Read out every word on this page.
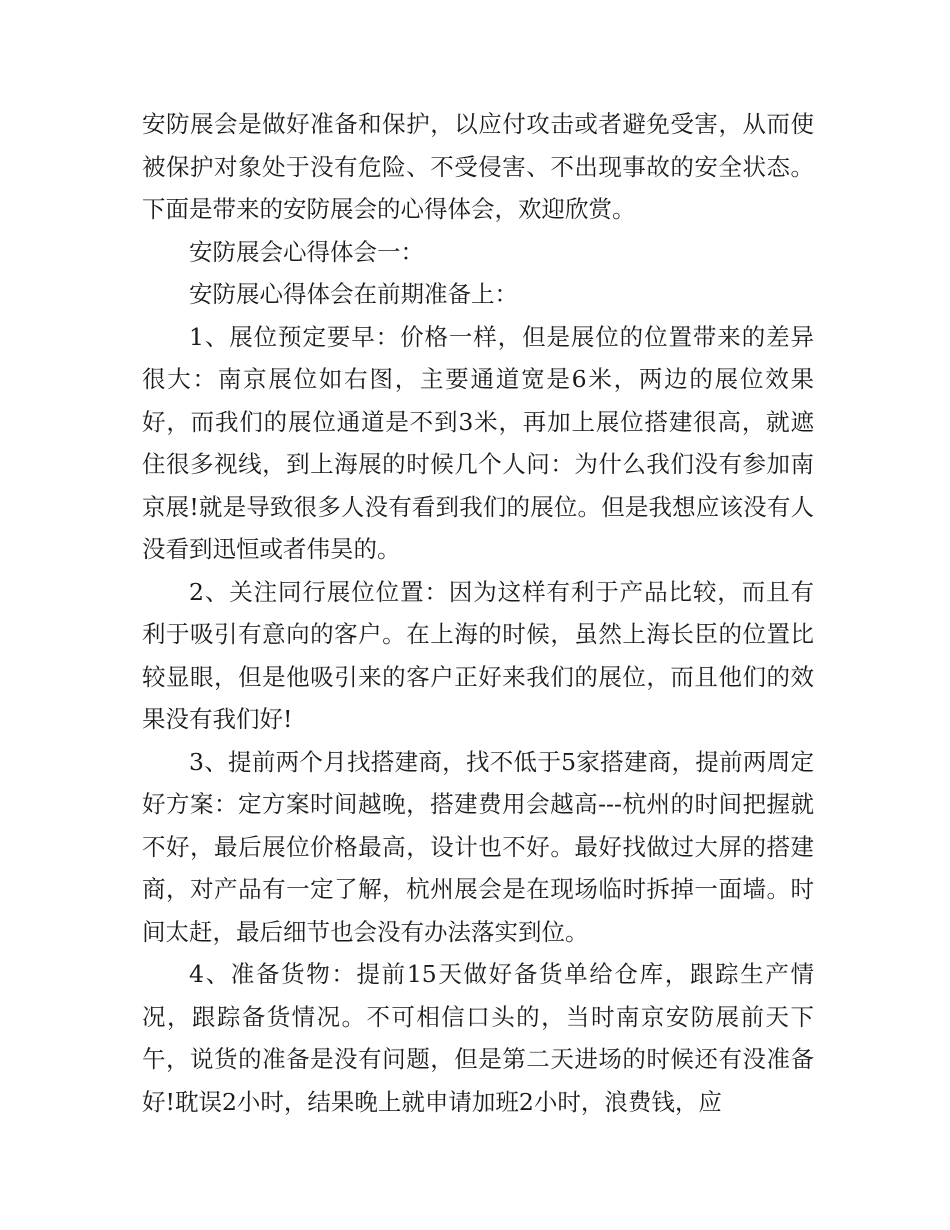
安防展会是做好准备和保护，以应付攻击或者避免受害，从而使被保护对象处于没有危险、不受侵害、不出现事故的安全状态。下面是带来的安防展会的心得体会，欢迎欣赏。

安防展会心得体会一：

安防展心得体会在前期准备上：

1、展位预定要早：价格一样，但是展位的位置带来的差异很大：南京展位如右图，主要通道宽是6米，两边的展位效果好，而我们的展位通道是不到3米，再加上展位搭建很高，就遮住很多视线，到上海展的时候几个人问：为什么我们没有参加南京展!就是导致很多人没有看到我们的展位。但是我想应该没有人没看到迅恒或者伟昊的。

2、关注同行展位位置：因为这样有利于产品比较，而且有利于吸引有意向的客户。在上海的时候，虽然上海长臣的位置比较显眼，但是他吸引来的客户正好来我们的展位，而且他们的效果没有我们好!

3、提前两个月找搭建商，找不低于5家搭建商，提前两周定好方案：定方案时间越晚，搭建费用会越高---杭州的时间把握就不好，最后展位价格最高，设计也不好。最好找做过大屏的搭建商，对产品有一定了解，杭州展会是在现场临时拆掉一面墙。时间太赶，最后细节也会没有办法落实到位。

4、准备货物：提前15天做好备货单给仓库，跟踪生产情况，跟踪备货情况。不可相信口头的，当时南京安防展前天下午，说货的准备是没有问题，但是第二天进场的时候还有没准备好!耽误2小时，结果晚上就申请加班2小时，浪费钱，应
